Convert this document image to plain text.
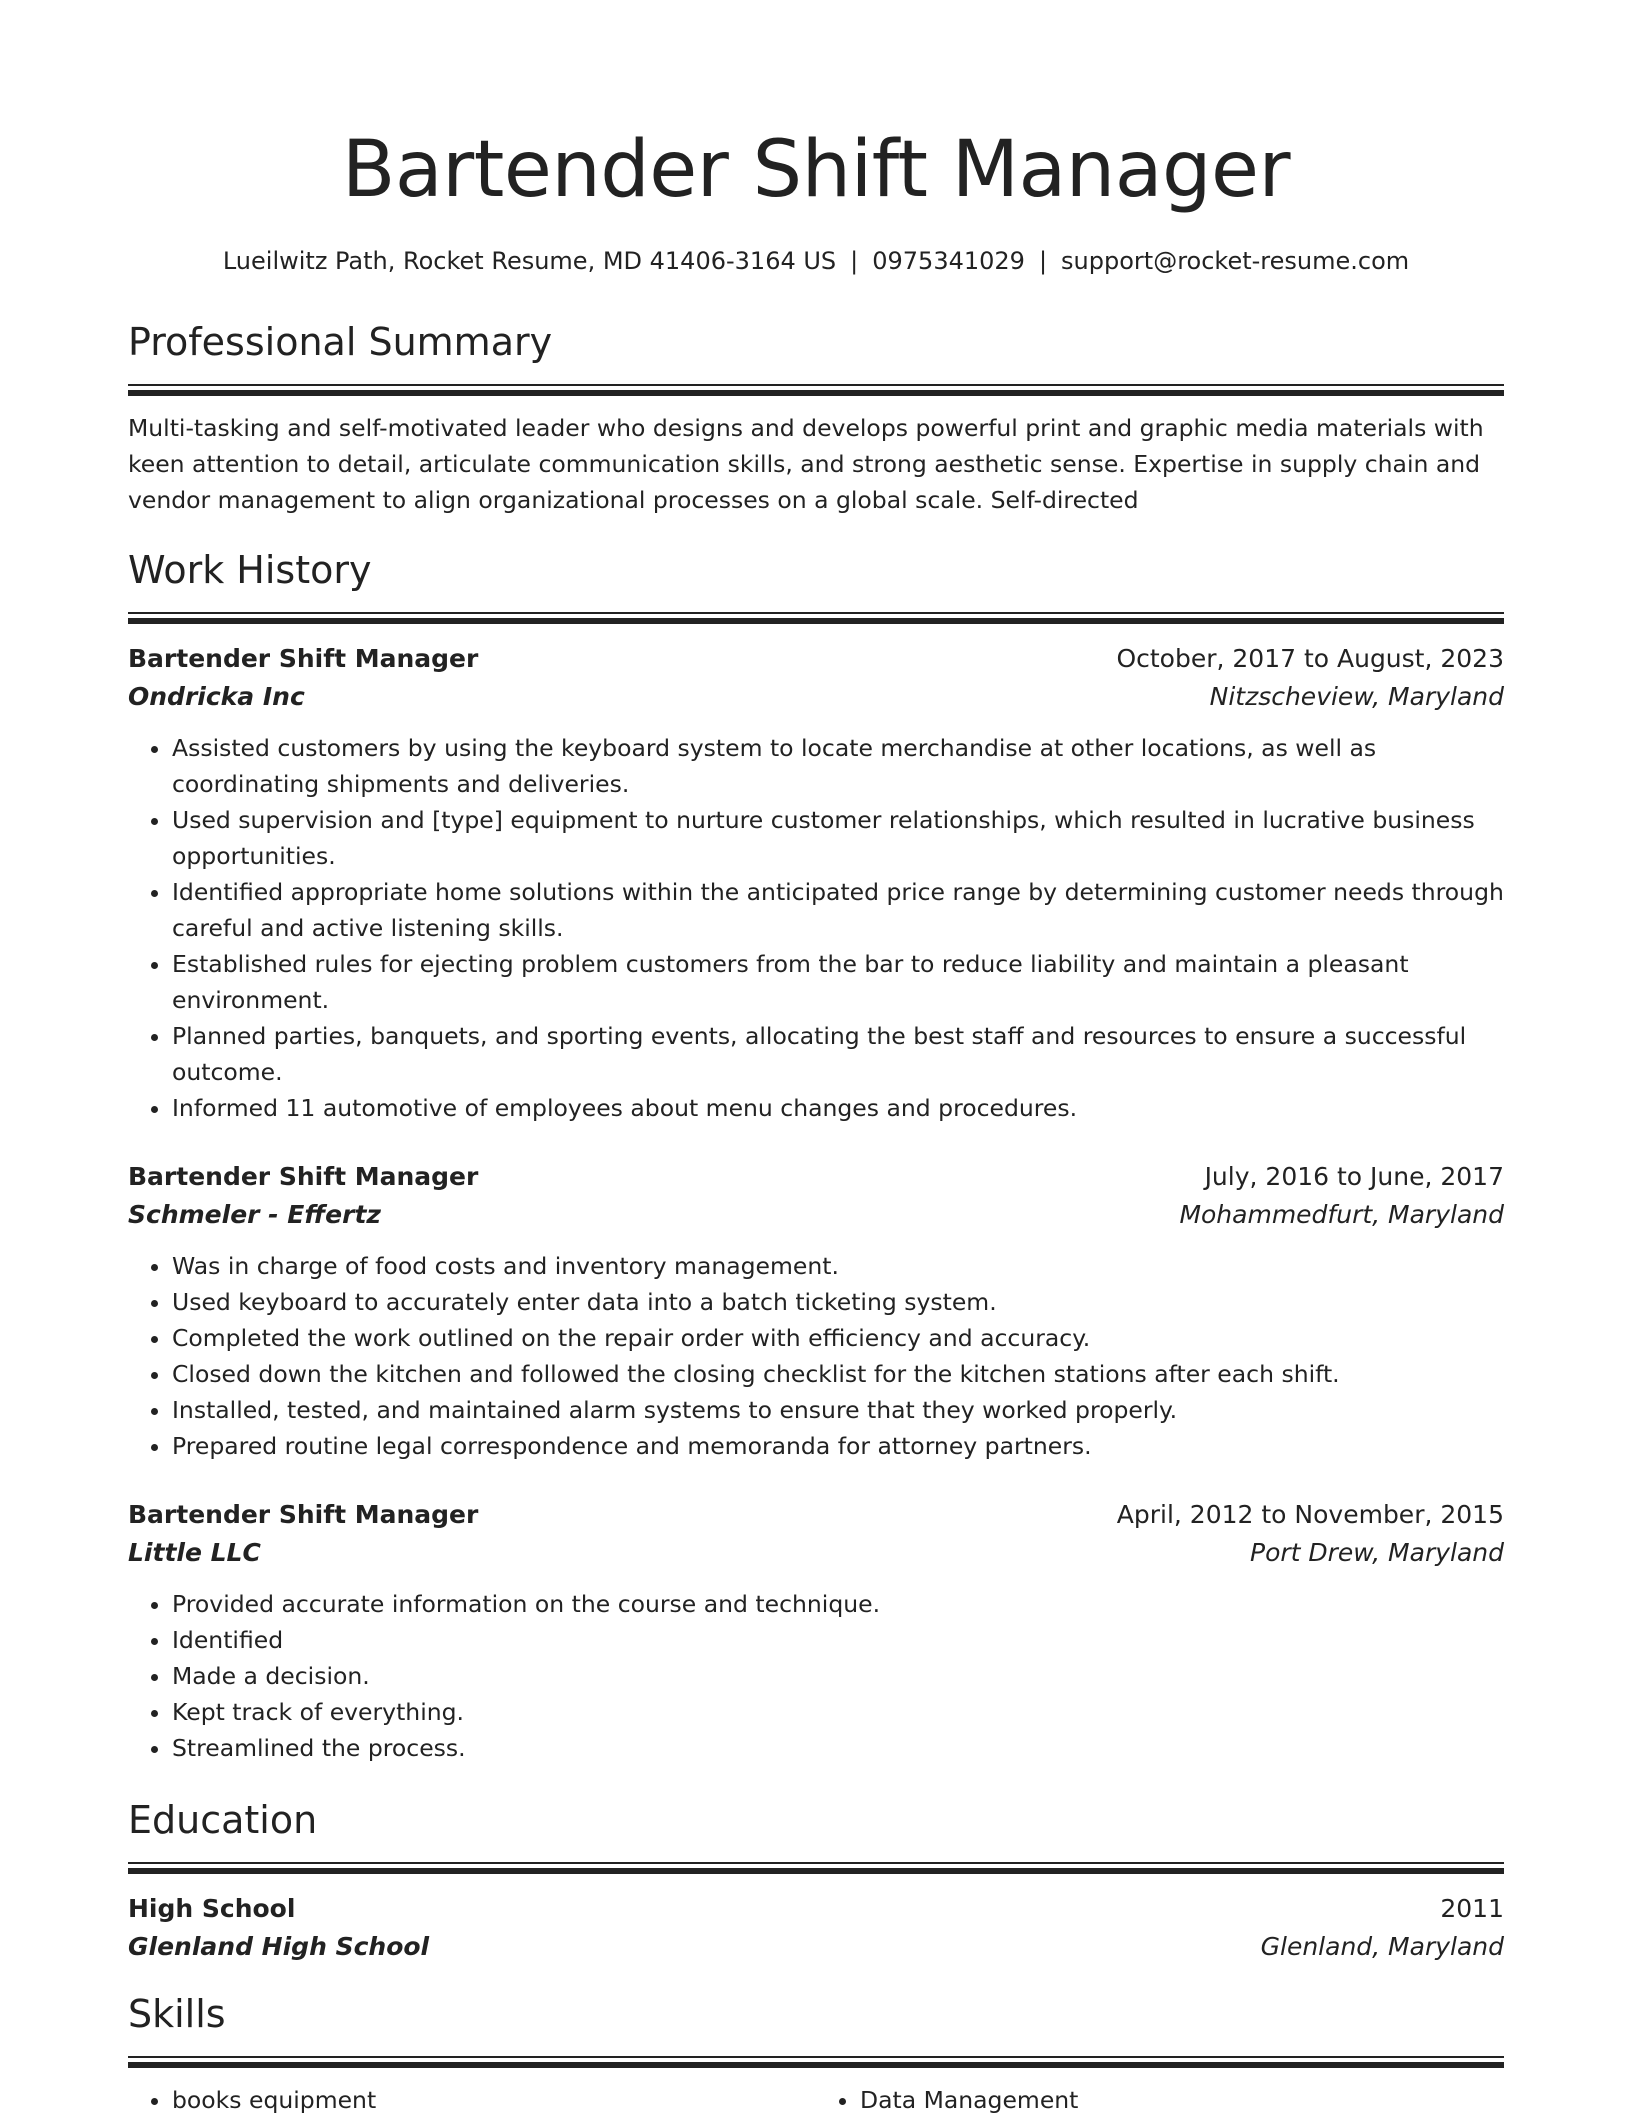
Bartender Shift Manager
Lueilwitz Path, Rocket Resume, MD 41406-3164 US | 0975341029 | support@rocket-resume.com
Professional Summary
Multi-tasking and self-motivated leader who designs and develops powerful print and graphic media materials with keen attention to detail, articulate communication skills, and strong aesthetic sense. Expertise in supply chain and vendor management to align organizational processes on a global scale. Self-directed
Work History
Bartender Shift Manager	October, 2017 to August, 2023
Ondricka Inc	Nitzscheview, Maryland
• Assisted customers by using the keyboard system to locate merchandise at other locations, as well as coordinating shipments and deliveries.
• Used supervision and [type] equipment to nurture customer relationships, which resulted in lucrative business opportunities.
• Identified appropriate home solutions within the anticipated price range by determining customer needs through careful and active listening skills.
• Established rules for ejecting problem customers from the bar to reduce liability and maintain a pleasant environment.
• Planned parties, banquets, and sporting events, allocating the best staff and resources to ensure a successful outcome.
• Informed 11 automotive of employees about menu changes and procedures.
Bartender Shift Manager	July, 2016 to June, 2017
Schmeler - Effertz	Mohammedfurt, Maryland
• Was in charge of food costs and inventory management.
• Used keyboard to accurately enter data into a batch ticketing system.
• Completed the work outlined on the repair order with efficiency and accuracy.
• Closed down the kitchen and followed the closing checklist for the kitchen stations after each shift.
• Installed, tested, and maintained alarm systems to ensure that they worked properly.
• Prepared routine legal correspondence and memoranda for attorney partners.
Bartender Shift Manager	April, 2012 to November, 2015
Little LLC	Port Drew, Maryland
• Provided accurate information on the course and technique.
• Identified
• Made a decision.
• Kept track of everything.
• Streamlined the process.
Education
High School	2011
Glenland High School	Glenland, Maryland
Skills
• books equipment
•	Data Management
